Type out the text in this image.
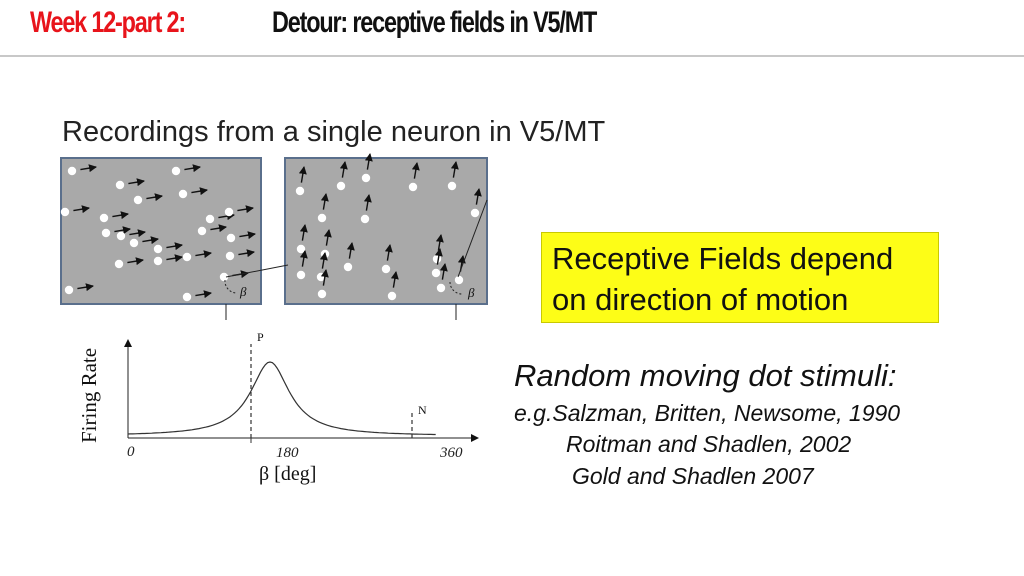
Week 12-part 2:	Detour: receptive fields in V5/MT
Recordings from a single neuron in V5/MT
β	β
P
N
0	180	360
β [deg]
Firing Rate
Receptive Fields depend
on direction of motion
Random moving dot stimuli:
e.g.Salzman, Britten, Newsome, 1990
Roitman and Shadlen, 2002
Gold and Shadlen 2007
